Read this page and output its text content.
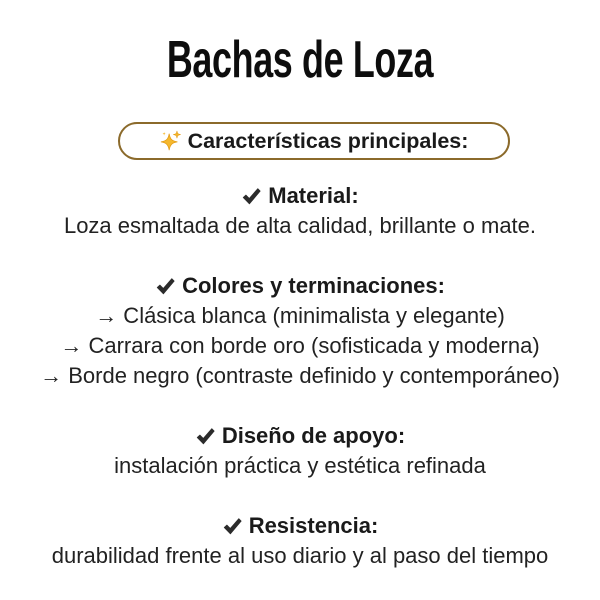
Bachas de Loza
Características principales:
Material:
Loza esmaltada de alta calidad, brillante o mate.
Colores y terminaciones:
→ Clásica blanca (minimalista y elegante)
→ Carrara con borde oro (sofisticada y moderna)
→ Borde negro (contraste definido y contemporáneo)
Diseño de apoyo:
instalación práctica y estética refinada
Resistencia:
durabilidad frente al uso diario y al paso del tiempo
